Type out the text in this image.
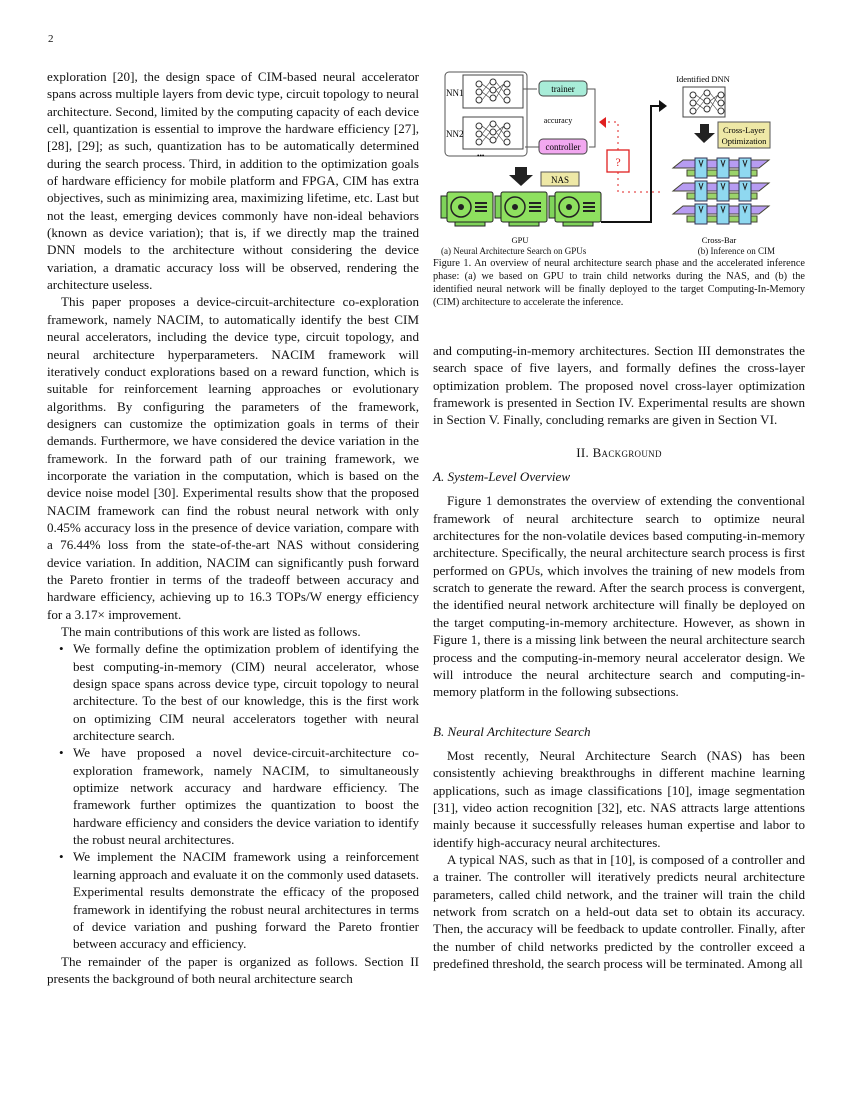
2
NN1
NN2
•••
trainer
controller
accuracy
?
NAS
GPU
Identified DNN
Cross-Layer
Optimization
Cross-Bar
(a) Neural Architecture Search on GPUs	(b) Inference on CIM
Figure 1. An overview of neural architecture search phase and the accelerated inference phase: (a) we based on GPU to train child networks during the NAS, and (b) the identified neural network will be finally deployed to the target Computing-In-Memory (CIM) architecture to accelerate the inference.

exploration [20], the design space of CIM-based neural accelerator spans across multiple layers from devic type, circuit topology to neural architecture. Second, limited by the computing capacity of each device cell, quantization is essential to improve the hardware efficiency [27], [28], [29]; as such, quantization has to be automatically determined during the search process. Third, in addition to the optimization goals of hardware efficiency for mobile platform and FPGA, CIM has extra objectives, such as minimizing area, maximizing lifetime, etc. Last but not the least, emerging devices commonly have non-ideal behaviors (known as device variation); that is, if we directly map the trained DNN models to the architecture without considering the device variation, a dramatic accuracy loss will be observed, rendering the architecture useless.

This paper proposes a device-circuit-architecture co-exploration framework, namely NACIM, to automatically identify the best CIM neural accelerators, including the device type, circuit topology, and neural architecture hyperparameters. NACIM framework will iteratively conduct explorations based on a reward function, which is suitable for reinforcement learning approaches or evolutionary algorithms. By configuring the parameters of the framework, designers can customize the optimization goals in terms of their demands. Furthermore, we have considered the device variation in the framework. In the forward path of our training framework, we incorporate the variation in the computation, which is based on the device noise model [30]. Experimental results show that the proposed NACIM framework can find the robust neural network with only 0.45% accuracy loss in the presence of device variation, compare with a 76.44% loss from the state-of-the-art NAS without considering device variation. In addition, NACIM can significantly push forward the Pareto frontier in terms of the tradeoff between accuracy and hardware efficiency, achieving up to 16.3 TOPs/W energy efficiency for a 3.17× improvement.

The main contributions of this work are listed as follows.

• We formally define the optimization problem of identifying the best computing-in-memory (CIM) neural accelerator, whose design space spans across device type, circuit topology to neural architecture. To the best of our knowledge, this is the first work on optimizing CIM neural accelerators together with neural architecture search.
• We have proposed a novel device-circuit-architecture co-exploration framework, namely NACIM, to simultaneously optimize network accuracy and hardware efficiency. The framework further optimizes the quantization to boost the hardware efficiency and considers the device variation to identify the robust neural architectures.
• We implement the NACIM framework using a reinforcement learning approach and evaluate it on the commonly used datasets. Experimental results demonstrate the efficacy of the proposed framework in identifying the robust neural architectures in terms of device variation and pushing forward the Pareto frontier between accuracy and efficiency.

The remainder of the paper is organized as follows. Section II presents the background of both neural architecture search

and computing-in-memory architectures. Section III demonstrates the search space of five layers, and formally defines the cross-layer optimization problem. The proposed novel cross-layer optimization framework is presented in Section IV. Experimental results are shown in Section V. Finally, concluding remarks are given in Section VI.

II. Background
A. System-Level Overview

Figure 1 demonstrates the overview of extending the conventional framework of neural architecture search to optimize neural architectures for the non-volatile devices based computing-in-memory architecture. Specifically, the neural architecture search process is first performed on GPUs, which involves the training of new models from scratch to generate the reward. After the search process is convergent, the identified neural network architecture will finally be deployed on the target computing-in-memory architecture. However, as shown in Figure 1, there is a missing link between the neural architecture search process and the computing-in-memory neural accelerator design. We will introduce the neural architecture search and computing-in-memory platform in the following subsections.

B. Neural Architecture Search

Most recently, Neural Architecture Search (NAS) has been consistently achieving breakthroughs in different machine learning applications, such as image classifications [10], image segmentation [31], video action recognition [32], etc. NAS attracts large attentions mainly because it successfully releases human expertise and labor to identify high-accuracy neural architectures.

A typical NAS, such as that in [10], is composed of a controller and a trainer. The controller will iteratively predicts neural architecture parameters, called child network, and the trainer will train the child network from scratch on a held-out data set to obtain its accuracy. Then, the accuracy will be feedback to update controller. Finally, after the number of child networks predicted by the controller exceed a predefined threshold, the search process will be terminated. Among all
